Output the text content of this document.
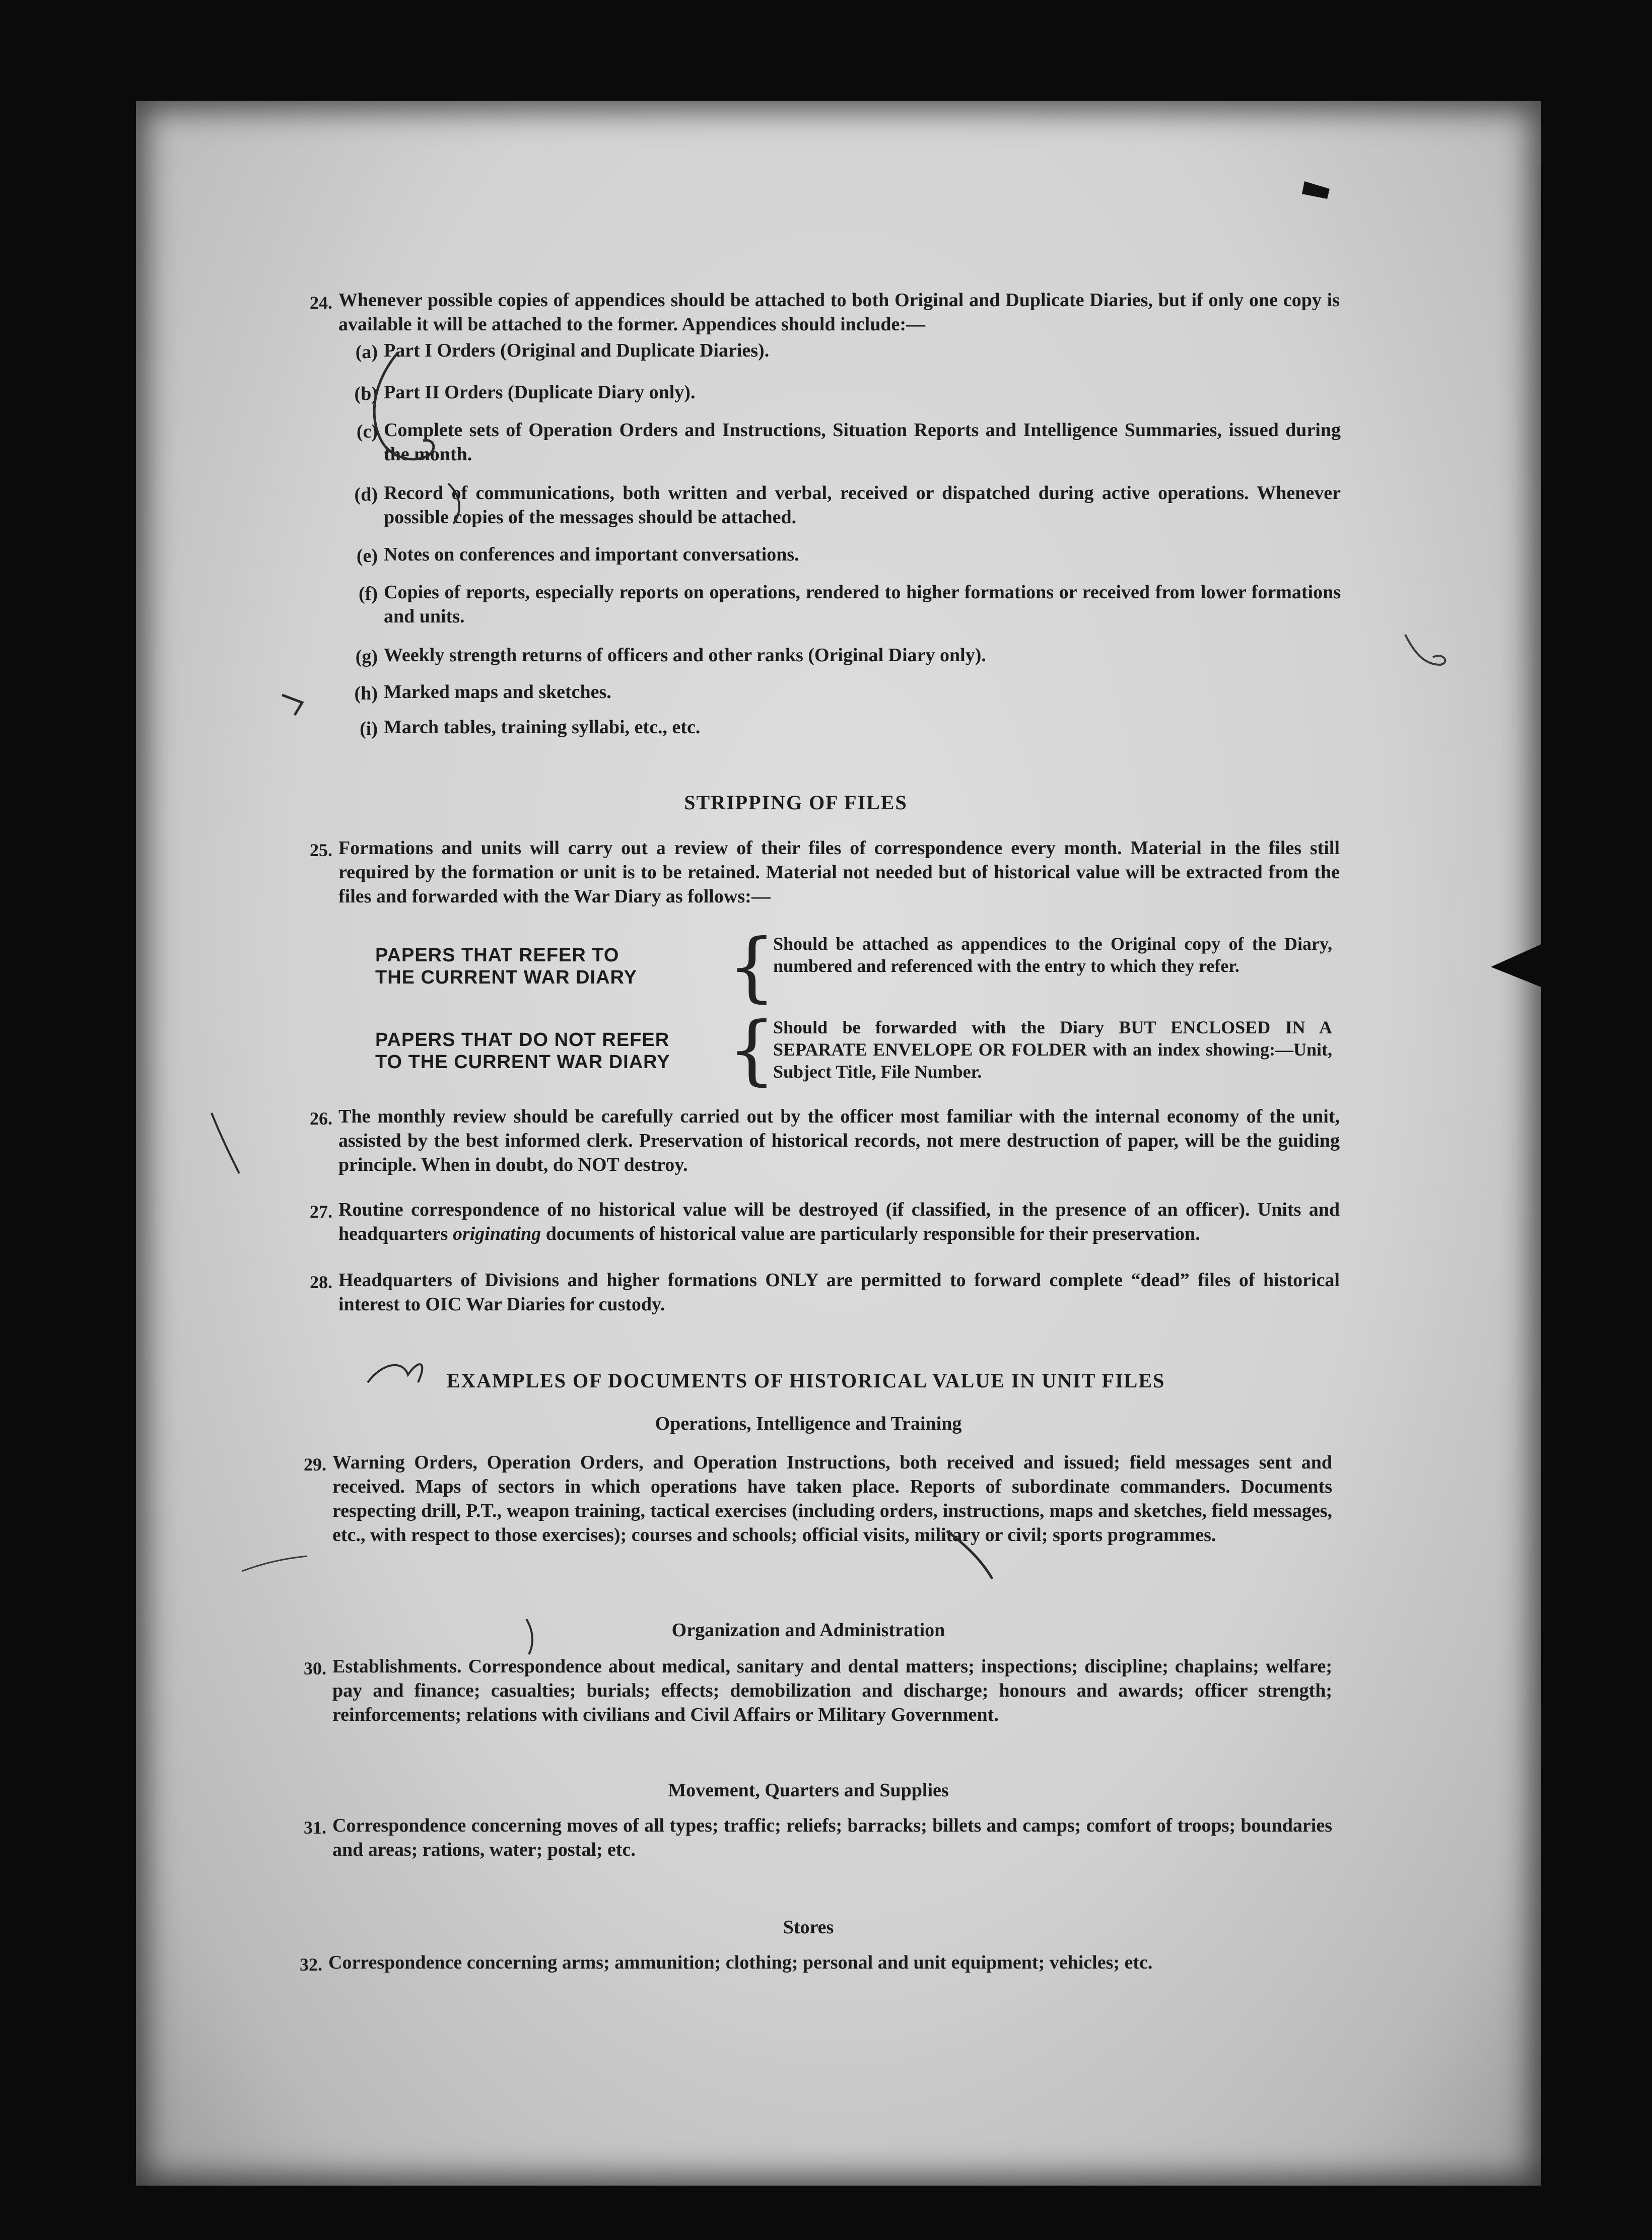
24. Whenever possible copies of appendices should be attached to both Original and Duplicate Diaries, but if only one copy is available it will be attached to the former. Appendices should include:—
(a) Part I Orders (Original and Duplicate Diaries).
(b) Part II Orders (Duplicate Diary only).
(c) Complete sets of Operation Orders and Instructions, Situation Reports and Intelligence Summaries, issued during the month.
(d) Record of communications, both written and verbal, received or dispatched during active operations. Whenever possible copies of the messages should be attached.
(e) Notes on conferences and important conversations.
(f) Copies of reports, especially reports on operations, rendered to higher formations or received from lower formations and units.
(g) Weekly strength returns of officers and other ranks (Original Diary only).
(h) Marked maps and sketches.
(i) March tables, training syllabi, etc., etc.
STRIPPING OF FILES
25. Formations and units will carry out a review of their files of correspondence every month. Material in the files still required by the formation or unit is to be retained. Material not needed but of historical value will be extracted from the files and forwarded with the War Diary as follows:—
PAPERS THAT REFER TO
THE CURRENT WAR DIARY	{
Should be attached as appendices to the Original copy of the Diary, numbered and referenced with the entry to which they refer.
PAPERS THAT DO NOT REFER
TO THE CURRENT WAR DIARY {
Should be forwarded with the Diary BUT ENCLOSED IN A SEPARATE ENVELOPE OR FOLDER with an index showing:—Unit, Subject Title, File Number.
26. The monthly review should be carefully carried out by the officer most familiar with the internal economy of the unit, assisted by the best informed clerk. Preservation of historical records, not mere destruction of paper, will be the guiding principle. When in doubt, do NOT destroy.
27. Routine correspondence of no historical value will be destroyed (if classified, in the presence of an officer). Units and headquarters originating documents of historical value are particularly responsible for their preservation.
28. Headquarters of Divisions and higher formations ONLY are permitted to forward complete “dead” files of historical interest to OIC War Diaries for custody.
EXAMPLES OF DOCUMENTS OF HISTORICAL VALUE IN UNIT FILES
Operations, Intelligence and Training
29. Warning Orders, Operation Orders, and Operation Instructions, both received and issued; field messages sent and received. Maps of sectors in which operations have taken place. Reports of subordinate commanders. Documents respecting drill, P.T., weapon training, tactical exercises (including orders, instructions, maps and sketches, field messages, etc., with respect to those exercises); courses and schools; official visits, military or civil; sports programmes.
Organization and Administration
30. Establishments. Correspondence about medical, sanitary and dental matters; inspections; discipline; chaplains; welfare; pay and finance; casualties; burials; effects; demobilization and discharge; honours and awards; officer strength; reinforcements; relations with civilians and Civil Affairs or Military Government.
Movement, Quarters and Supplies
31. Correspondence concerning moves of all types; traffic; reliefs; barracks; billets and camps; comfort of troops; boundaries and areas; rations, water; postal; etc.
Stores
32. Correspondence concerning arms; ammunition; clothing; personal and unit equipment; vehicles; etc.
